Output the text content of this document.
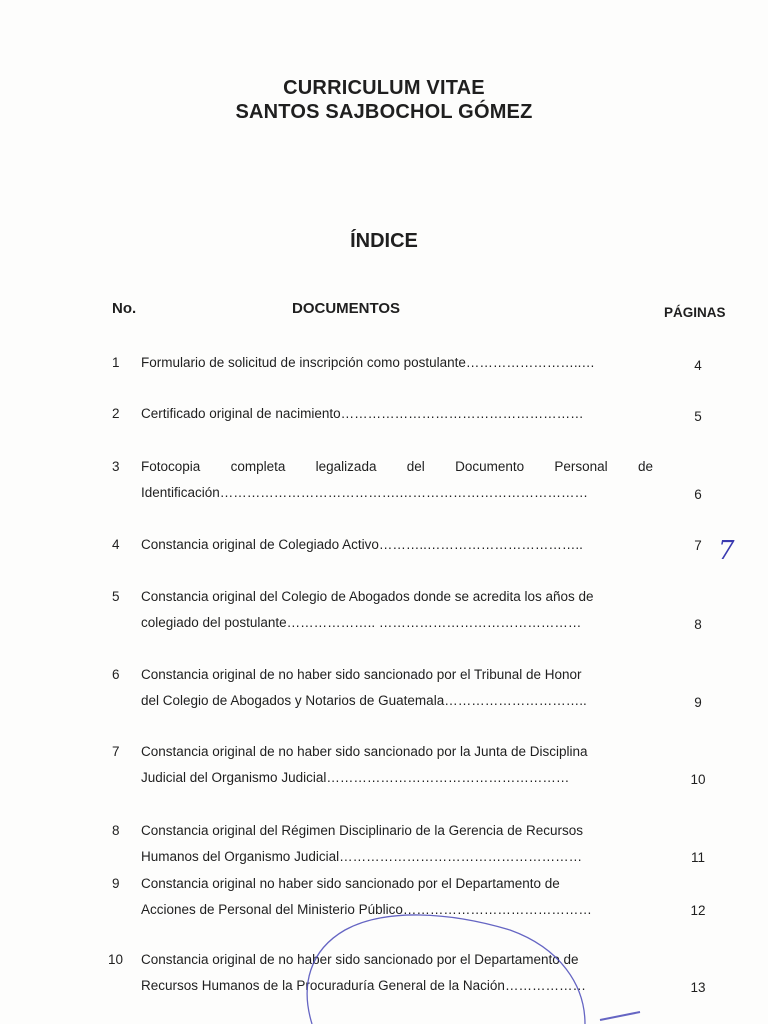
CURRICULUM VITAE
SANTOS SAJBOCHOL GÓMEZ
ÍNDICE
No.	DOCUMENTOS	PÁGINAS
1	Formulario de solicitud de inscripción como postulante……………………..…	4
2	Certificado original de nacimiento………………………………………………	5
3	Fotocopia completa legalizada del Documento Personal de
Identificación………………………………….……………………………………	6
4	Constancia original de Colegiado Activo………..……………………………..	7
5	Constancia original del Colegio de Abogados donde se acredita los años de
colegiado del postulante……………….. ………………………………………	8
6	Constancia original de no haber sido sancionado por el Tribunal de Honor
del Colegio de Abogados y Notarios de Guatemala…………………………..	9
7	Constancia original de no haber sido sancionado por la Junta de Disciplina
Judicial del Organismo Judicial………………………………………………	10
8	Constancia original del Régimen Disciplinario de la Gerencia de Recursos
Humanos del Organismo Judicial………………………………………………	11
9	Constancia original no haber sido sancionado por el Departamento de
Acciones de Personal del Ministerio Público……………………………………	12
10	Constancia original de no haber sido sancionado por el Departamento de
Recursos Humanos de la Procuraduría General de la Nación………………	13
7
